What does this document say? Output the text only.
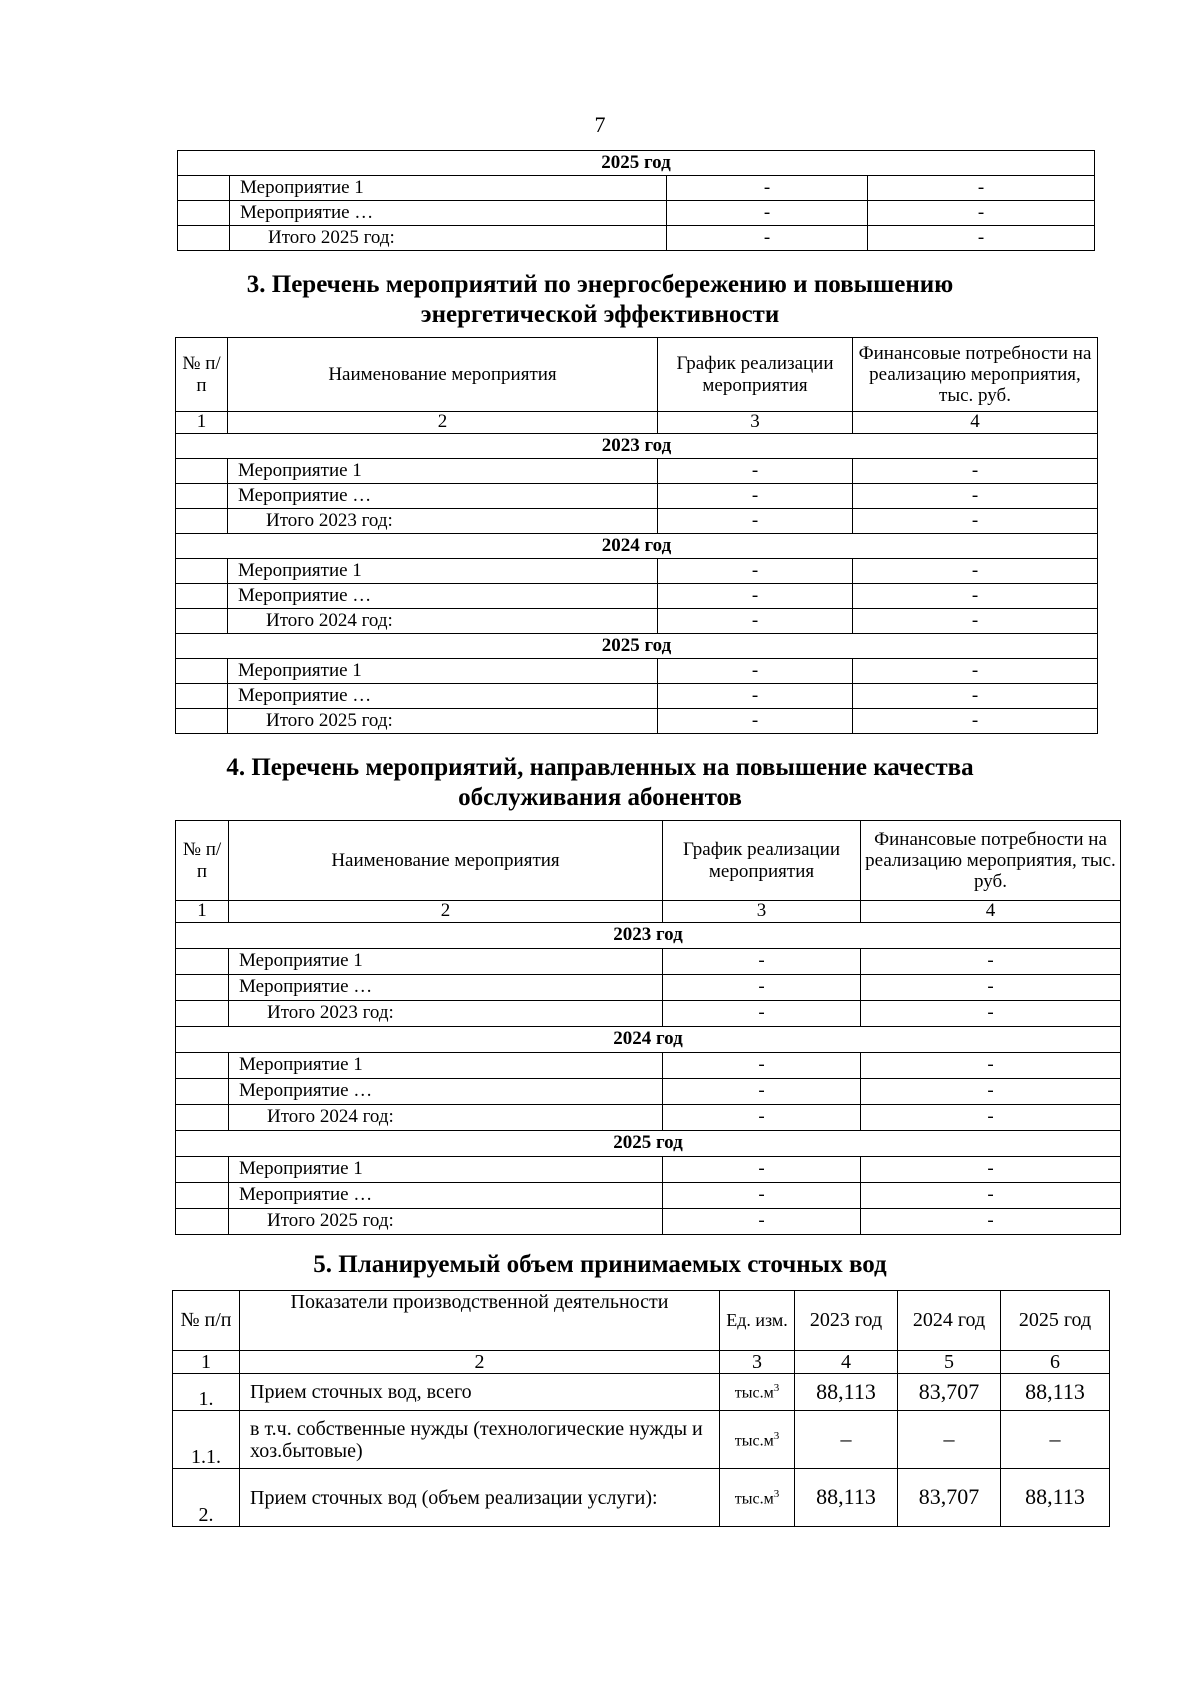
7
2025 год			
	Мероприятие 1	-	-
	Мероприятие …	-	-
	Итого 2025 год:	-	-
3. Перечень мероприятий по энергосбережению и повышению
энергетической эффективности
№ п/п	Наименование мероприятия	График реализации мероприятия	Финансовые потребности на реализацию мероприятия, тыс. руб.
1	2	3	4
2023 год			
	Мероприятие 1	-	-
	Мероприятие …	-	-
	Итого 2023 год:	-	-
2024 год			
	Мероприятие 1	-	-
	Мероприятие …	-	-
	Итого 2024 год:	-	-
2025 год			
	Мероприятие 1	-	-
	Мероприятие …	-	-
	Итого 2025 год:	-	-
4. Перечень мероприятий, направленных на повышение качества
обслуживания абонентов
№ п/п	Наименование мероприятия	График реализации мероприятия	Финансовые потребности на реализацию мероприятия, тыс. руб.
1	2	3	4
2023 год			
	Мероприятие 1	-	-
	Мероприятие …	-	-
	Итого 2023 год:	-	-
2024 год			
	Мероприятие 1	-	-
	Мероприятие …	-	-
	Итого 2024 год:	-	-
2025 год			
	Мероприятие 1	-	-
	Мероприятие …	-	-
	Итого 2025 год:	-	-
5. Планируемый объем принимаемых сточных вод
№ п/п	Показатели производственной деятельности	Ед. изм.	2023 год	2024 год	2025 год
1	2	3	4	5	6
1.	Прием сточных вод, всего	$тыс.м^3$	88,113	83,707	88,113
1.1.	в т.ч. собственные нужды (технологические нужды и хоз.бытовые)	$тыс.м^3$	–	–	–
2.	Прием сточных вод (объем реализации услуги):	$тыс.м^3$	88,113	83,707	88,113
